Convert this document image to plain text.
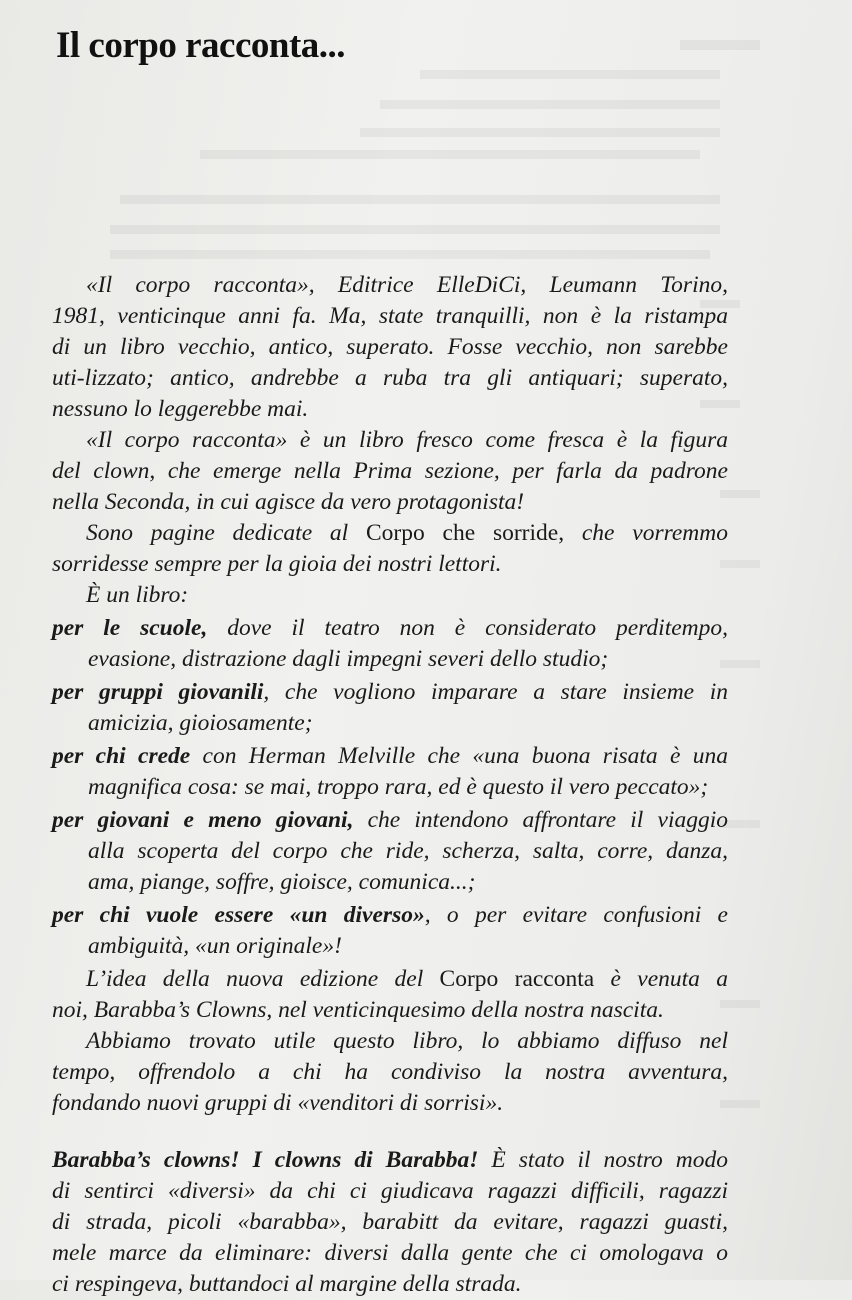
Il corpo racconta...

«Il corpo racconta», Editrice ElleDiCi, Leumann Torino,

1981, venticinque anni fa. Ma, state tranquilli, non è la ristampa

di un libro vecchio, antico, superato. Fosse vecchio, non sarebbe

uti-lizzato; antico, andrebbe a ruba tra gli antiquari; superato,

nessuno lo leggerebbe mai.

«Il corpo racconta» è un libro fresco come fresca è la figura

del clown, che emerge nella Prima sezione, per farla da padrone

nella Seconda, in cui agisce da vero protagonista!

Sono pagine dedicate al Corpo che sorride, che vorremmo

sorridesse sempre per la gioia dei nostri lettori.

È un libro:

per le scuole, dove il teatro non è considerato perditempo,

evasione, distrazione dagli impegni severi dello studio;

per gruppi giovanili, che vogliono imparare a stare insieme in

amicizia, gioiosamente;

per chi crede con Herman Melville che «una buona risata è una

magnifica cosa: se mai, troppo rara, ed è questo il vero peccato»;

per giovani e meno giovani, che intendono affrontare il viaggio

alla scoperta del corpo che ride, scherza, salta, corre, danza,

ama, piange, soffre, gioisce, comunica...;

per chi vuole essere «un diverso», o per evitare confusioni e

ambiguità, «un originale»!

L’idea della nuova edizione del Corpo racconta è venuta a

noi, Barabba’s Clowns, nel venticinquesimo della nostra nascita.

Abbiamo trovato utile questo libro, lo abbiamo diffuso nel

tempo, offrendolo a chi ha condiviso la nostra avventura,

fondando nuovi gruppi di «venditori di sorrisi».

Barabba’s clowns! I clowns di Barabba! È stato il nostro modo

di sentirci «diversi» da chi ci giudicava ragazzi difficili, ragazzi

di strada, picoli «barabba», barabitt da evitare, ragazzi guasti,

mele marce da eliminare: diversi dalla gente che ci omologava o

ci respingeva, buttandoci al margine della strada.
